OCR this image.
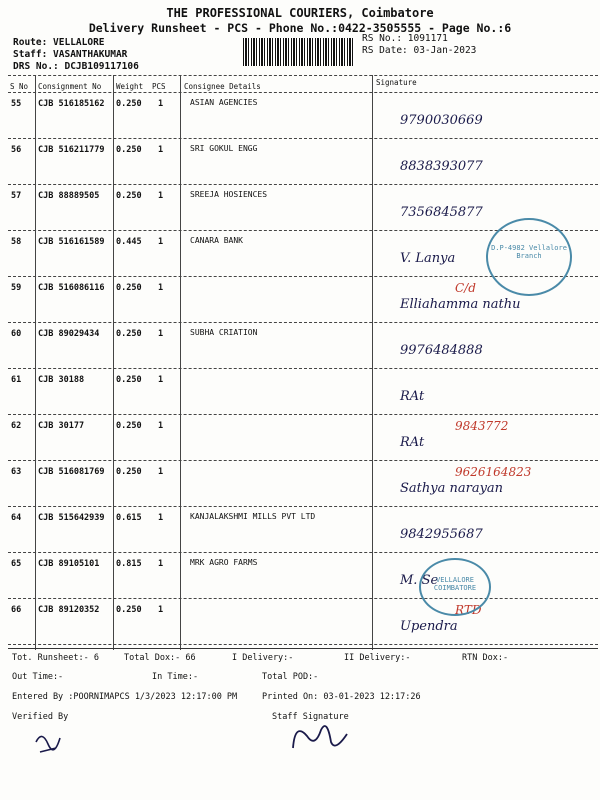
THE PROFESSIONAL COURIERS, Coimbatore
Delivery Runsheet - PCS - Phone No.:0422-3505555 - Page No.:6
Route: VELLALORE
Staff: VASANTHAKUMAR
DRS No.: DCJB109117106
RS No.: 1091171
RS Date: 03-Jan-2023
S No Consignment No Weight PCS Consignee Details	Signature
55 CJB 516185162 0.250 1	ASIAN AGENCIES
9790030669
56 CJB 516211779 0.250 1	SRI GOKUL ENGG
8838393077
57 CJB 88889505 0.250 1	SREEJA HOSIENCES
7356845877
58 CJB 516161589 0.445 1	CANARA BANK
V. Lanya
59 CJB 516086116 0.250 1
Elliahamma nathu
C/d
60 CJB 89029434 0.250 1	SUBHA CRIATION
9976484888
61 CJB 30188	0.250 1
RAt
62 CJB 30177	0.250 1
RAt
9843772
63 CJB 516081769 0.250 1
Sathya narayan
9626164823
64 CJB 515642939 0.615 1	KANJALAKSHMI MILLS PVT LTD
9842955687
65 CJB 89105101 0.815 1	MRK AGRO FARMS
M. Se
66 CJB 89120352 0.250 1
Upendra
RTD
D.P-4982 Vellalore Branch
VELLALORE COIMBATORE
Tot. Runsheet:- 6	Total Dox:- 66	I Delivery:-	II Delivery:-	RTN Dox:-
Out Time:-	In Time:-	Total POD:-
Entered By :POORNIMAPCS 1/3/2023 12:17:00 PM	Printed On: 03-01-2023 12:17:26
Verified By	Staff Signature
